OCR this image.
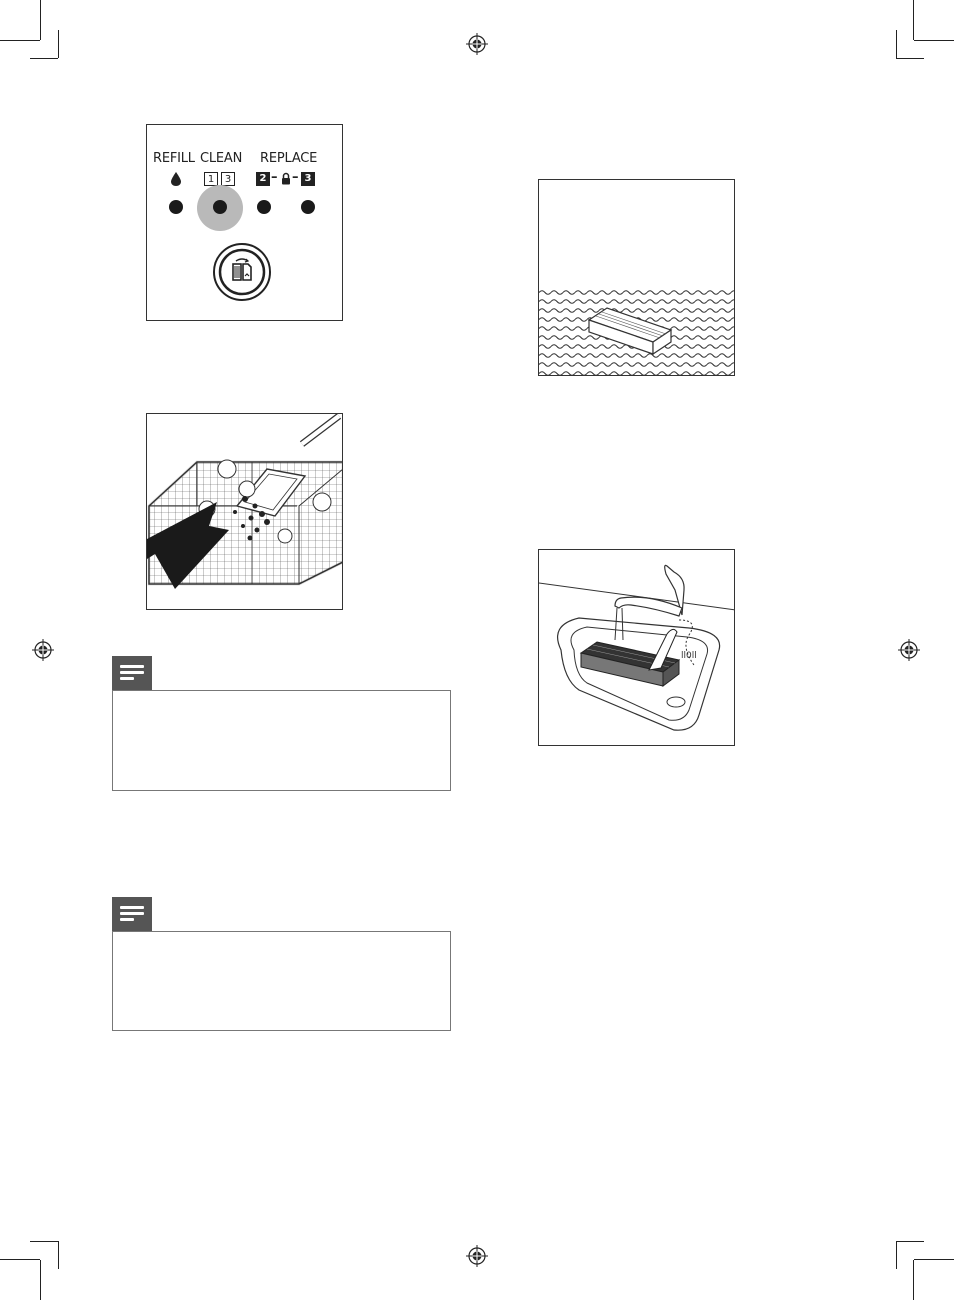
REFILL CLEAN REPLACE
1	3	2 – – 3
ll0ll
